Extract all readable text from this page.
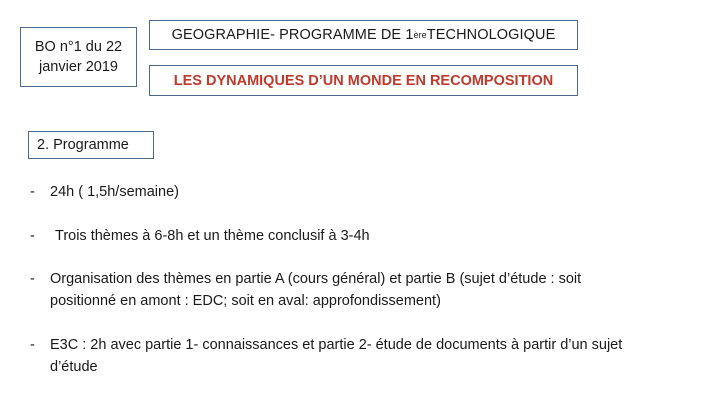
BO n°1 du 22
janvier 2019
GEOGRAPHIE- PROGRAMME DE 1 ère TECHNOLOGIQUE
LES DYNAMIQUES D’UN MONDE EN RECOMPOSITION
2. Programme
- 24h ( 1,5h/semaine)
- Trois thèmes à 6-8h et un thème conclusif à 3-4h
- Organisation des thèmes en partie A (cours général) et partie B (sujet d’étude : soit
positionné en amont : EDC; soit en aval: approfondissement)
- E3C : 2h avec partie 1- connaissances et partie 2- étude de documents à partir d’un sujet
d’étude
